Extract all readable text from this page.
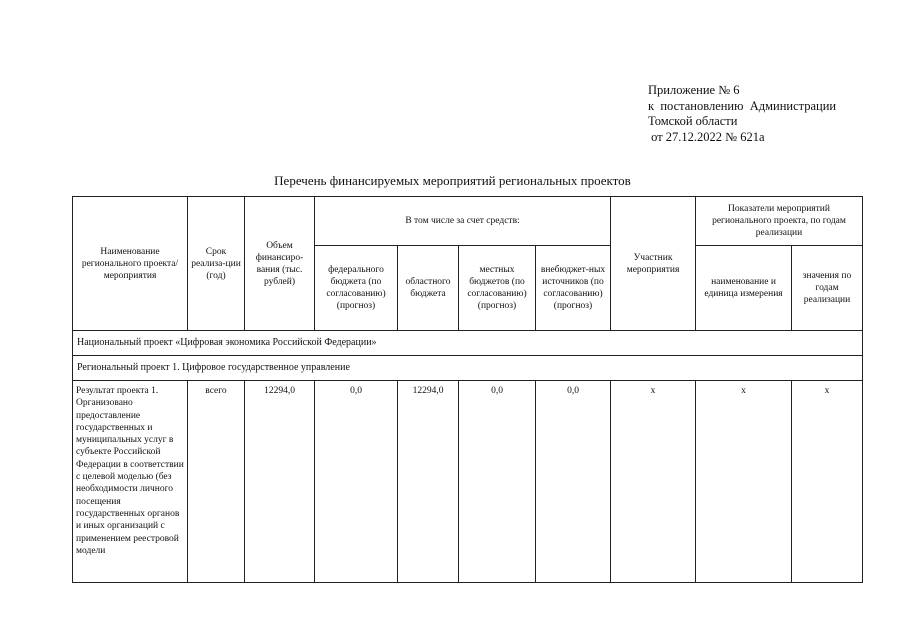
Приложение № 6
к  постановлению  Администрации
Томской области
от 27.12.2022 № 621а
Перечень финансируемых мероприятий региональных проектов
Наименование регионального проекта/мероприятия	Срок реализа-ции (год)	Объем финансиро-вания (тыс. рублей)	В том числе за счет средств:				Участник мероприятия	Показатели мероприятий регионального проекта, по годам реализации	
			федерального бюджета (по согласованию) (прогноз)	областного бюджета	местных бюджетов (по согласованию) (прогноз)	внебюджет-ных источников (по согласованию) (прогноз)		наименование и единица измерения	значения по годам реализации
Национальный проект «Цифровая экономика Российской Федерации»									
Региональный проект 1. Цифровое государственное управление									
Результат проекта 1. Организовано предоставление государственных и муниципальных услуг в субъекте Российской Федерации в соответствии с целевой моделью (без необходимости личного посещения государственных органов и иных организаций с применением реестровой модели	всего	12294,0	0,0	12294,0	0,0	0,0	х	х	х
